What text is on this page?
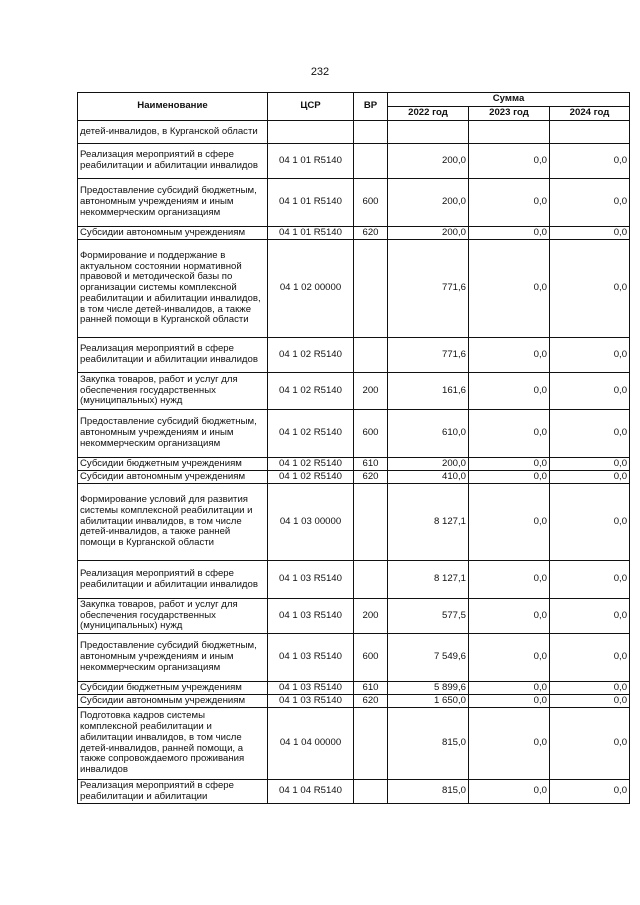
232
Наименование	ЦСР	ВР	Сумма		
			2022 год	2023 год	2024 год
детей-инвалидов, в Курганской области					
Реализация мероприятий в сфере реабилитации и абилитации инвалидов	04 1 01 R5140		200,0	0,0	0,0
Предоставление субсидий бюджетным, автономным учреждениям и иным некоммерческим организациям	04 1 01 R5140	600	200,0	0,0	0,0
Субсидии автономным учреждениям	04 1 01 R5140	620	200,0	0,0	0,0
Формирование и поддержание в актуальном состоянии нормативной правовой и методической базы по организации системы комплексной реабилитации и абилитации инвалидов, в том числе детей-инвалидов, а также ранней помощи в Курганской области	04 1 02 00000		771,6	0,0	0,0
Реализация мероприятий в сфере реабилитации и абилитации инвалидов	04 1 02 R5140		771,6	0,0	0,0
Закупка товаров, работ и услуг для обеспечения государственных (муниципальных) нужд	04 1 02 R5140	200	161,6	0,0	0,0
Предоставление субсидий бюджетным, автономным учреждениям и иным некоммерческим организациям	04 1 02 R5140	600	610,0	0,0	0,0
Субсидии бюджетным учреждениям	04 1 02 R5140	610	200,0	0,0	0,0
Субсидии автономным учреждениям	04 1 02 R5140	620	410,0	0,0	0,0
Формирование условий для развития системы комплексной реабилитации и абилитации инвалидов, в том числе детей-инвалидов, а также ранней помощи в Курганской области	04 1 03 00000		8 127,1	0,0	0,0
Реализация мероприятий в сфере реабилитации и абилитации инвалидов	04 1 03 R5140		8 127,1	0,0	0,0
Закупка товаров, работ и услуг для обеспечения государственных (муниципальных) нужд	04 1 03 R5140	200	577,5	0,0	0,0
Предоставление субсидий бюджетным, автономным учреждениям и иным некоммерческим организациям	04 1 03 R5140	600	7 549,6	0,0	0,0
Субсидии бюджетным учреждениям	04 1 03 R5140	610	5 899,6	0,0	0,0
Субсидии автономным учреждениям	04 1 03 R5140	620	1 650,0	0,0	0,0
Подготовка кадров системы комплексной реабилитации и абилитации инвалидов, в том числе детей-инвалидов, ранней помощи, а также сопровождаемого проживания инвалидов	04 1 04 00000		815,0	0,0	0,0
Реализация мероприятий в сфере реабилитации и абилитации	04 1 04 R5140		815,0	0,0	0,0
